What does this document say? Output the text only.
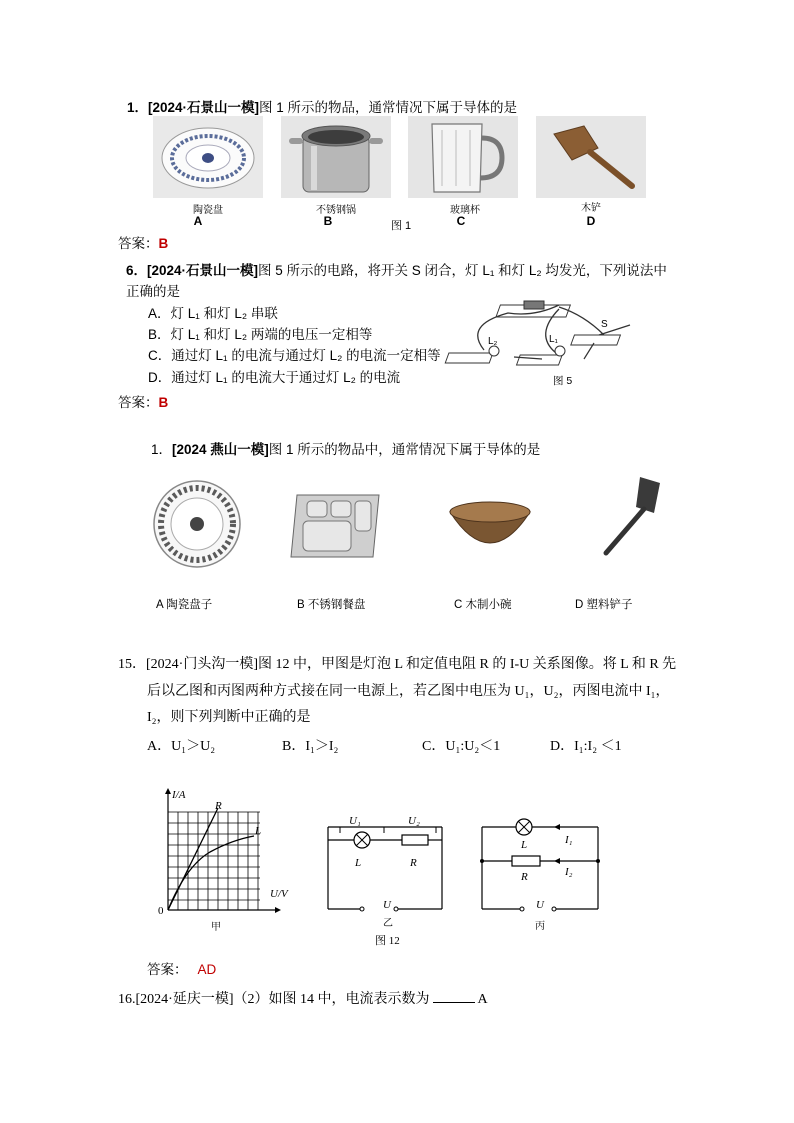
1．[2024·石景山一模]图 1 所示的物品，通常情况下属于导体的是
陶瓷盘	不锈钢锅	玻璃杯	木铲
A	B	图 1	C	D
答案：B
6．[2024·石景山一模]图 5 所示的电路，将开关 S 闭合，灯 L₁ 和灯 L₂ 均发光，下列说法中
正确的是
A．灯 L₁ 和灯 L₂ 串联
B．灯 L₁ 和灯 L₂ 两端的电压一定相等
C．通过灯 L₁ 的电流与通过灯 L₂ 的电流一定相等
D．通过灯 L₁ 的电流大于通过灯 L₂ 的电流
S
L₁
L₂
图 5
答案：B
1．[2024 燕山一模]图 1 所示的物品中，通常情况下属于导体的是
A 陶瓷盘子	B 不锈钢餐盘	C 木制小碗	D 塑料铲子
15．[2024·门头沟一模]图 12 中，甲图是灯泡 L 和定值电阻 R 的 I-U 关系图像。将 L 和 R 先
后以乙图和丙图两种方式接在同一电源上，若乙图中电压为 U₁，U₂，丙图电流中 I₁，
I₂，则下列判断中正确的是
A．U₁＞U₂	B．I₁＞I₂	C．U₁:U₂＜1	D．I₁:I₂ ＜1
I/A
U/V
0
R
L
甲
U₁	U₂
L	R
U
乙
I₁
I₂
L
R
U
丙
图 12
答案： AD
16.[2024·延庆一模]（2）如图 14 中，电流表示数为	A
